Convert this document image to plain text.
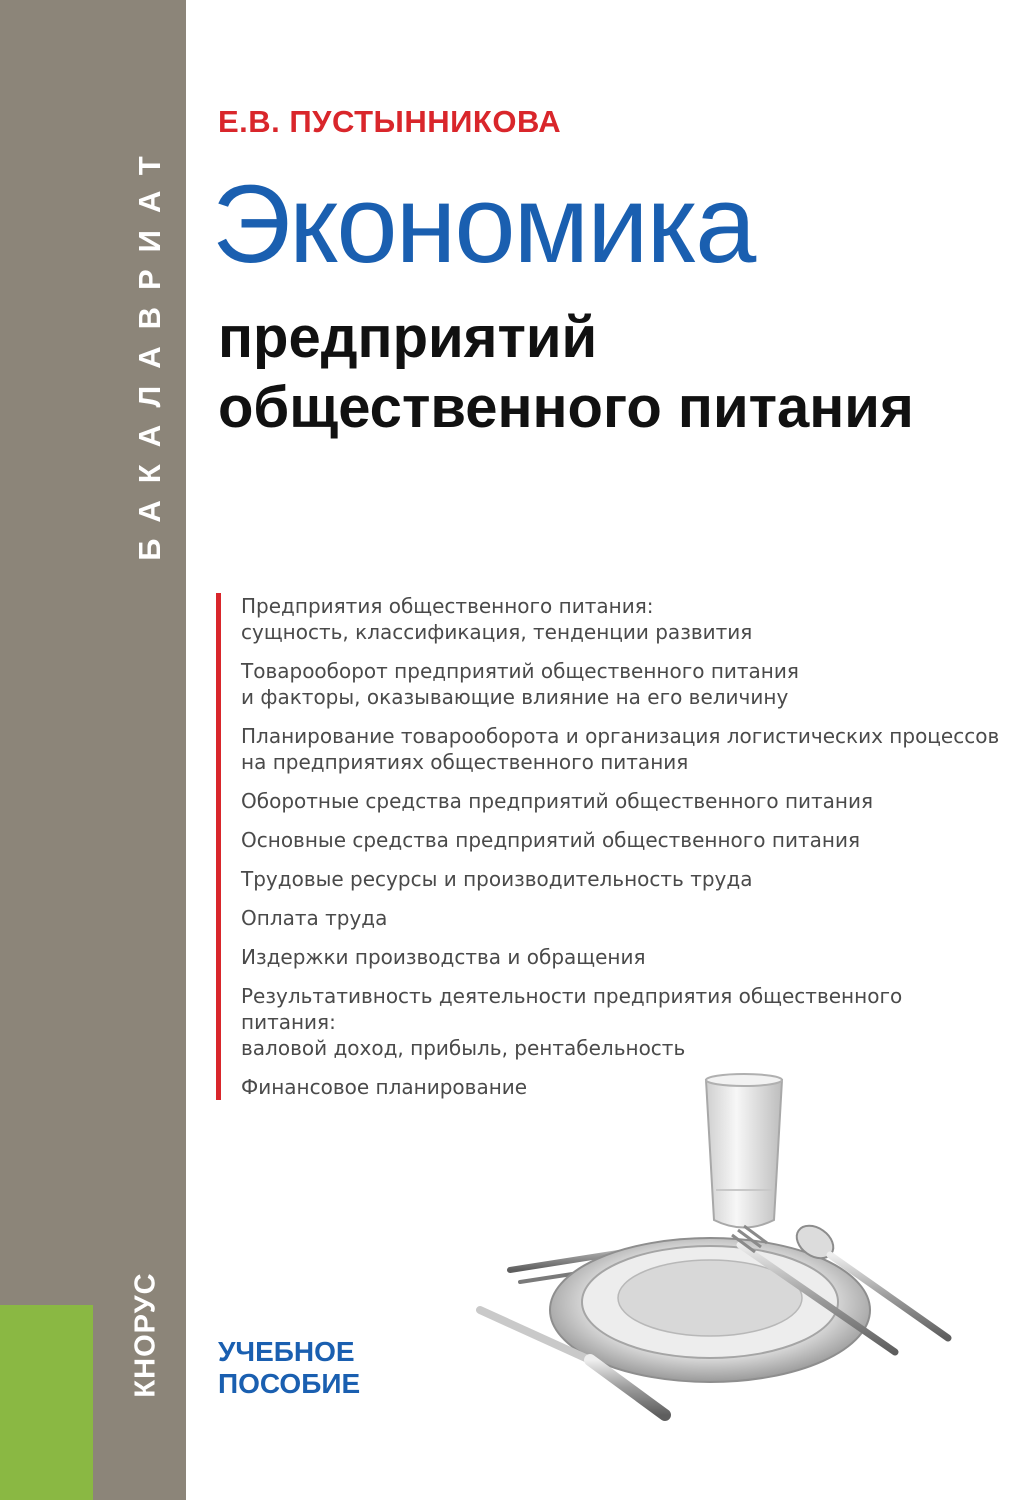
БАКАЛАВРИАТ
КНОРУС
Е.В. ПУСТЫННИКОВА
Экономика
предприятий
общественного питания
Предприятия общественного питания:
сущность, классификация, тенденции развития
Товарооборот предприятий общественного питания
и факторы, оказывающие влияние на его величину
Планирование товарооборота и организация логистических процессов
на предприятиях общественного питания
Оборотные средства предприятий общественного питания
Основные средства предприятий общественного питания
Трудовые ресурсы и производительность труда
Оплата труда
Издержки производства и обращения
Результативность деятельности предприятия общественного питания:
валовой доход, прибыль, рентабельность
Финансовое планирование
УЧЕБНОЕ
ПОСОБИЕ
